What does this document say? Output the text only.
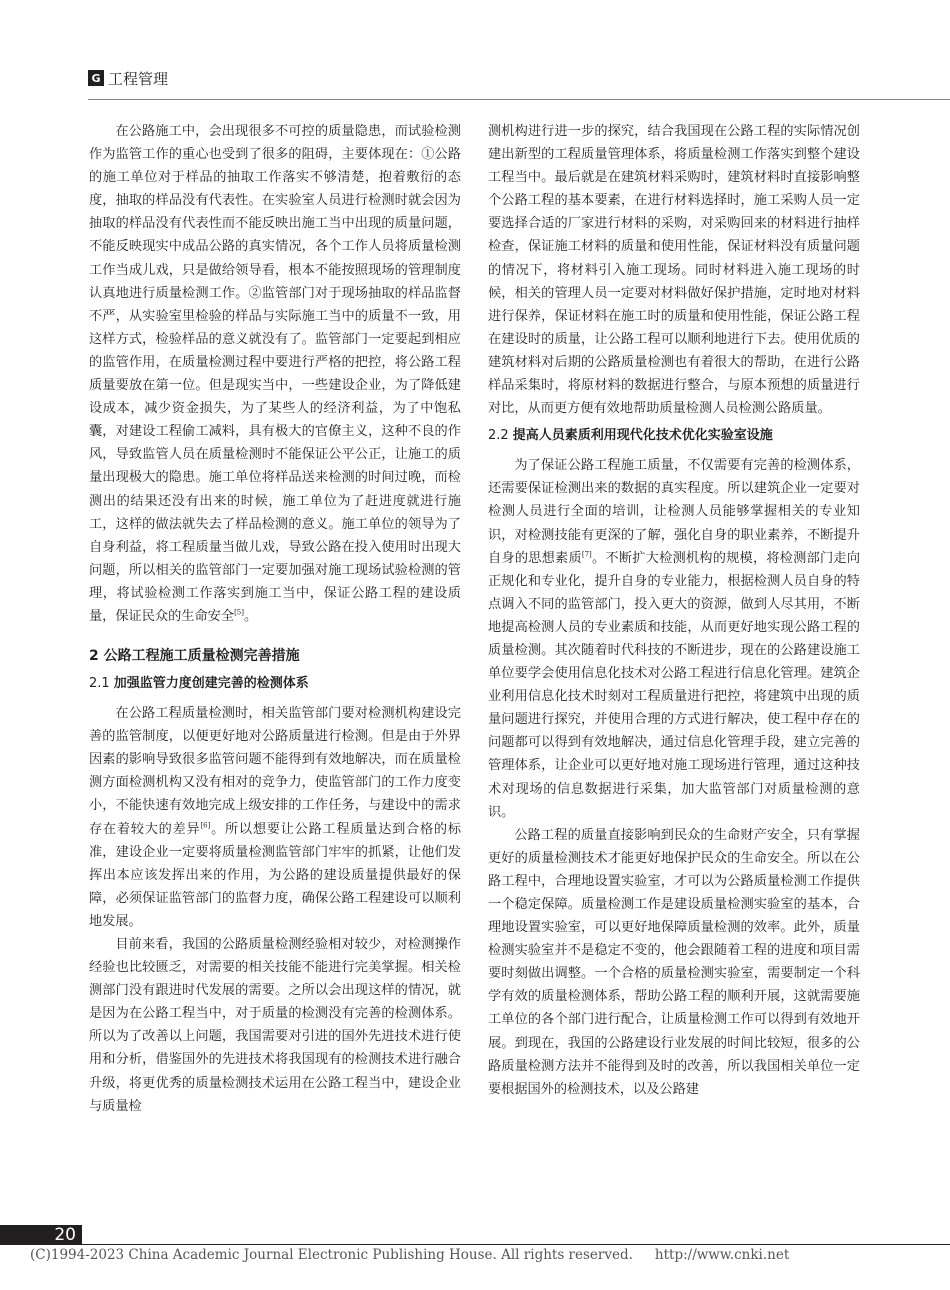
G 工程管理

在公路施工中，会出现很多不可控的质量隐患，而试验检测作为监管工作的重心也受到了很多的阻碍，主要体现在：①公路的施工单位对于样品的抽取工作落实不够清楚，抱着敷衍的态度，抽取的样品没有代表性。在实验室人员进行检测时就会因为抽取的样品没有代表性而不能反映出施工当中出现的质量问题，不能反映现实中成品公路的真实情况，各个工作人员将质量检测工作当成儿戏，只是做给领导看，根本不能按照现场的管理制度认真地进行质量检测工作。②监管部门对于现场抽取的样品监督不严，从实验室里检验的样品与实际施工当中的质量不一致，用这样方式，检验样品的意义就没有了。监管部门一定要起到相应的监管作用，在质量检测过程中要进行严格的把控，将公路工程质量要放在第一位。但是现实当中，一些建设企业，为了降低建设成本，减少资金损失，为了某些人的经济利益，为了中饱私囊，对建设工程偷工减料，具有极大的官僚主义，这种不良的作风，导致监管人员在质量检测时不能保证公平公正，让施工的质量出现极大的隐患。施工单位将样品送来检测的时间过晚，而检测出的结果还没有出来的时候，施工单位为了赶进度就进行施工，这样的做法就失去了样品检测的意义。施工单位的领导为了自身利益，将工程质量当做儿戏，导致公路在投入使用时出现大问题，所以相关的监管部门一定要加强对施工现场试验检测的管理，将试验检测工作落实到施工当中，保证公路工程的建设质量，保证民众的生命安全[5]。

2 公路工程施工质量检测完善措施
2.1 加强监管力度创建完善的检测体系

在公路工程质量检测时，相关监管部门要对检测机构建设完善的监管制度，以便更好地对公路质量进行检测。但是由于外界因素的影响导致很多监管问题不能得到有效地解决，而在质量检测方面检测机构又没有相对的竞争力，使监管部门的工作力度变小，不能快速有效地完成上级安排的工作任务，与建设中的需求存在着较大的差异[6]。所以想要让公路工程质量达到合格的标准，建设企业一定要将质量检测监管部门牢牢的抓紧，让他们发挥出本应该发挥出来的作用，为公路的建设质量提供最好的保障，必须保证监管部门的监督力度，确保公路工程建设可以顺利地发展。

目前来看，我国的公路质量检测经验相对较少，对检测操作经验也比较匮乏，对需要的相关技能不能进行完美掌握。相关检测部门没有跟进时代发展的需要。之所以会出现这样的情况，就是因为在公路工程当中，对于质量的检测没有完善的检测体系。所以为了改善以上问题，我国需要对引进的国外先进技术进行使用和分析，借鉴国外的先进技术将我国现有的检测技术进行融合升级，将更优秀的质量检测技术运用在公路工程当中，建设企业与质量检

测机构进行进一步的探究，结合我国现在公路工程的实际情况创建出新型的工程质量管理体系，将质量检测工作落实到整个建设工程当中。最后就是在建筑材料采购时，建筑材料时直接影响整个公路工程的基本要素，在进行材料选择时，施工采购人员一定要选择合适的厂家进行材料的采购，对采购回来的材料进行抽样检查，保证施工材料的质量和使用性能，保证材料没有质量问题的情况下，将材料引入施工现场。同时材料进入施工现场的时候，相关的管理人员一定要对材料做好保护措施，定时地对材料进行保养，保证材料在施工时的质量和使用性能，保证公路工程在建设时的质量，让公路工程可以顺利地进行下去。使用优质的建筑材料对后期的公路质量检测也有着很大的帮助，在进行公路样品采集时，将原材料的数据进行整合，与原本预想的质量进行对比，从而更方便有效地帮助质量检测人员检测公路质量。

2.2 提高人员素质利用现代化技术优化实验室设施

为了保证公路工程施工质量，不仅需要有完善的检测体系，还需要保证检测出来的数据的真实程度。所以建筑企业一定要对检测人员进行全面的培训，让检测人员能够掌握相关的专业知识，对检测技能有更深的了解，强化自身的职业素养，不断提升自身的思想素质[7]。不断扩大检测机构的规模，将检测部门走向正规化和专业化，提升自身的专业能力，根据检测人员自身的特点调入不同的监管部门，投入更大的资源，做到人尽其用，不断地提高检测人员的专业素质和技能，从而更好地实现公路工程的质量检测。其次随着时代科技的不断进步，现在的公路建设施工单位要学会使用信息化技术对公路工程进行信息化管理。建筑企业利用信息化技术时刻对工程质量进行把控，将建筑中出现的质量问题进行探究，并使用合理的方式进行解决，使工程中存在的问题都可以得到有效地解决，通过信息化管理手段，建立完善的管理体系，让企业可以更好地对施工现场进行管理，通过这种技术对现场的信息数据进行采集，加大监管部门对质量检测的意识。

公路工程的质量直接影响到民众的生命财产安全，只有掌握更好的质量检测技术才能更好地保护民众的生命安全。所以在公路工程中，合理地设置实验室，才可以为公路质量检测工作提供一个稳定保障。质量检测工作是建设质量检测实验室的基本，合理地设置实验室，可以更好地保障质量检测的效率。此外，质量检测实验室并不是稳定不变的，他会跟随着工程的进度和项目需要时刻做出调整。一个合格的质量检测实验室，需要制定一个科学有效的质量检测体系，帮助公路工程的顺利开展，这就需要施工单位的各个部门进行配合，让质量检测工作可以得到有效地开展。到现在，我国的公路建设行业发展的时间比较短，很多的公路质量检测方法并不能得到及时的改善，所以我国相关单位一定要根据国外的检测技术，以及公路建

20
(C)1994-2023 China Academic Journal Electronic Publishing House. All rights reserved. http://www.cnki.net
